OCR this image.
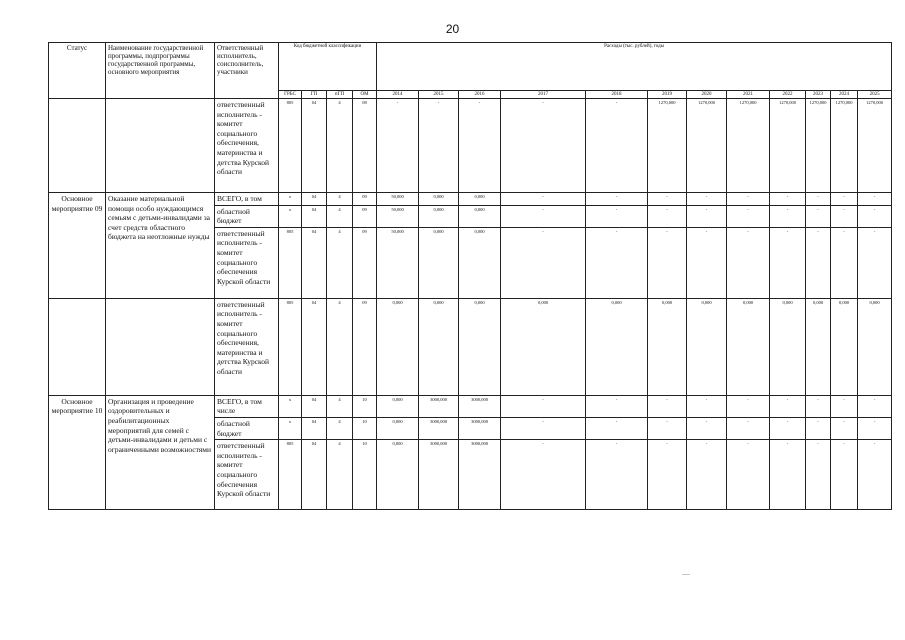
20
Статус	Наименование государственной программы, подпрограммы государственной программы, основного мероприятия	Ответственный исполнитель, соисполнитель, участники	Код бюджетной классификации				Расходы (тыс. рублей), годы											
			ГРБС	ГП	пГП	ОМ	2014	2015	2016	2017	2018	2019	2020	2021	2022	2023	2024	2025
		ответственный исполнитель - комитет социального обеспечения, материнства и детства Курской области	805	04	4	08	-	-	-	-	-	1270,000	1270,000	1270,000	1270,000	1270,000	1270,000	1270,000
Основное мероприятие 09	Оказание материальной помощи особо нуждающимся семьям с детьми-инвалидами за счет средств областного бюджета на неотложные нужды	ВСЕГО, в том	x	04	4	09	50,000	0,000	0,000	-	-	-	-	-	-	-	-	-
		областной бюджет	x	04	4	09	50,000	0,000	0,000	-	-	-	-	-	-	-	-	-
		ответственный исполнитель - комитет социального обеспечения Курской области	805	04	4	09	50,000	0,000	0,000	-	-	-	-	-	-	-	-	-
		ответственный исполнитель - комитет социального обеспечения, материнства и детства Курской области	805	04	4	09	0,000	0,000	0,000	0,000	0,000	0,000	0,000	0,000	0,000	0,000	0,000	0,000
Основное мероприятие 10	Организация и проведение оздоровительных и реабилитационных мероприятий для семей с детьми-инвалидами и детьми с ограниченными возможностями	ВСЕГО, в том числе	x	04	4	10	0,000	3000,000	3000,000	-	-	-	-	-	-	-	-	-
		областной бюджет	x	04	4	10	0,000	3000,000	3000,000	-	-	-	-	-	-	-	-	-
		ответственный исполнитель - комитет социального обеспечения Курской области	805	04	4	10	0,000	3000,000	3000,000	-	-	-	-	-	-	-	-	-
